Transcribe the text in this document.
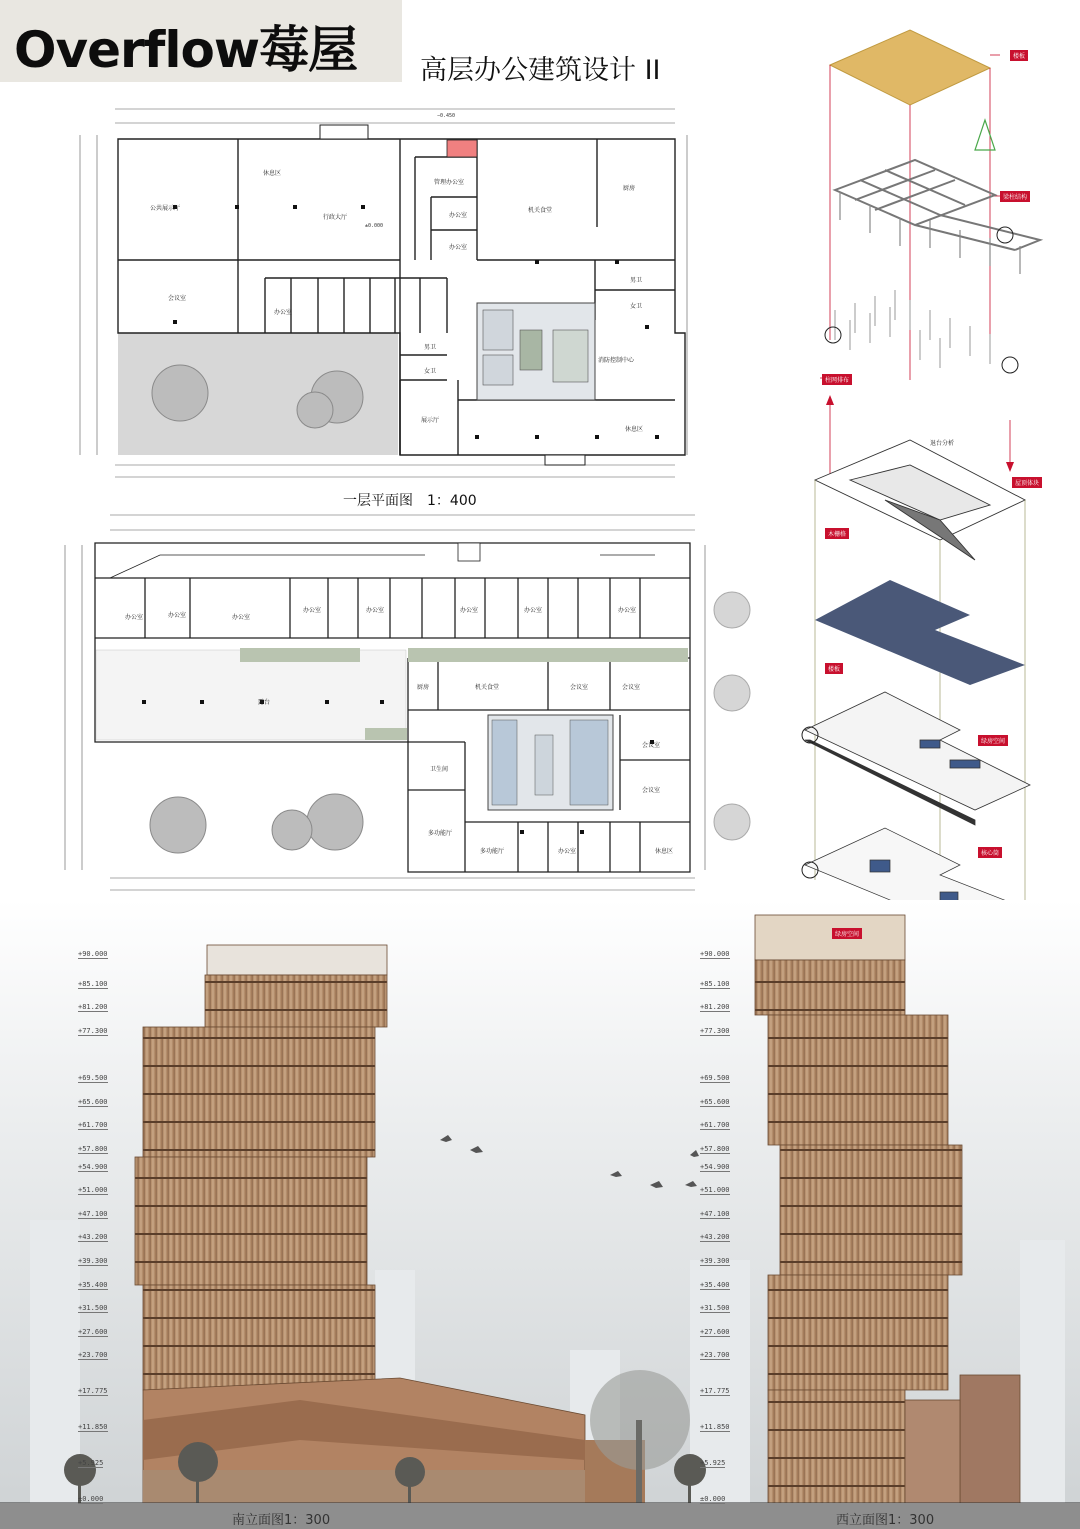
Overflow莓屋 高层办公建筑设计 II
公共展示厅
休息区
行政大厅
管理办公室
办公室
办公室
机关食堂
厨房
会议室
办公室
男卫
女卫
消防控制中心
男卫
女卫
展示厅
休息区
−0.450
±0.000
一层平面图　1：400
办公室	办公室	办公室
办公室	办公室	办公室	办公室	办公室
露台
厨房	机关食堂	会议室	会议室
卫生间
会议室
会议室
多功能厅
多功能厅	办公室	休息区
楼板
梁柱结构
柱网排布
退台分析
屋顶体块
木栅格
楼板
绿房空间
核心筒
+90.000
+85.100
+81.200
+77.300
+69.500
+65.600
+61.700
+57.800
+54.900
+51.000
+47.100
+43.200
+39.300
+35.400
+31.500
+27.600
+23.700
+17.775
+11.850
+5.925
±0.000
+90.000
+85.100
+81.200
+77.300
+69.500
+65.600
+61.700
+57.800
+54.900
+51.000
+47.100
+43.200
+39.300
+35.400
+31.500
+27.600
+23.700
+17.775
+11.850
+5.925
±0.000
绿房空间
南立面图1：300	西立面图1：300
